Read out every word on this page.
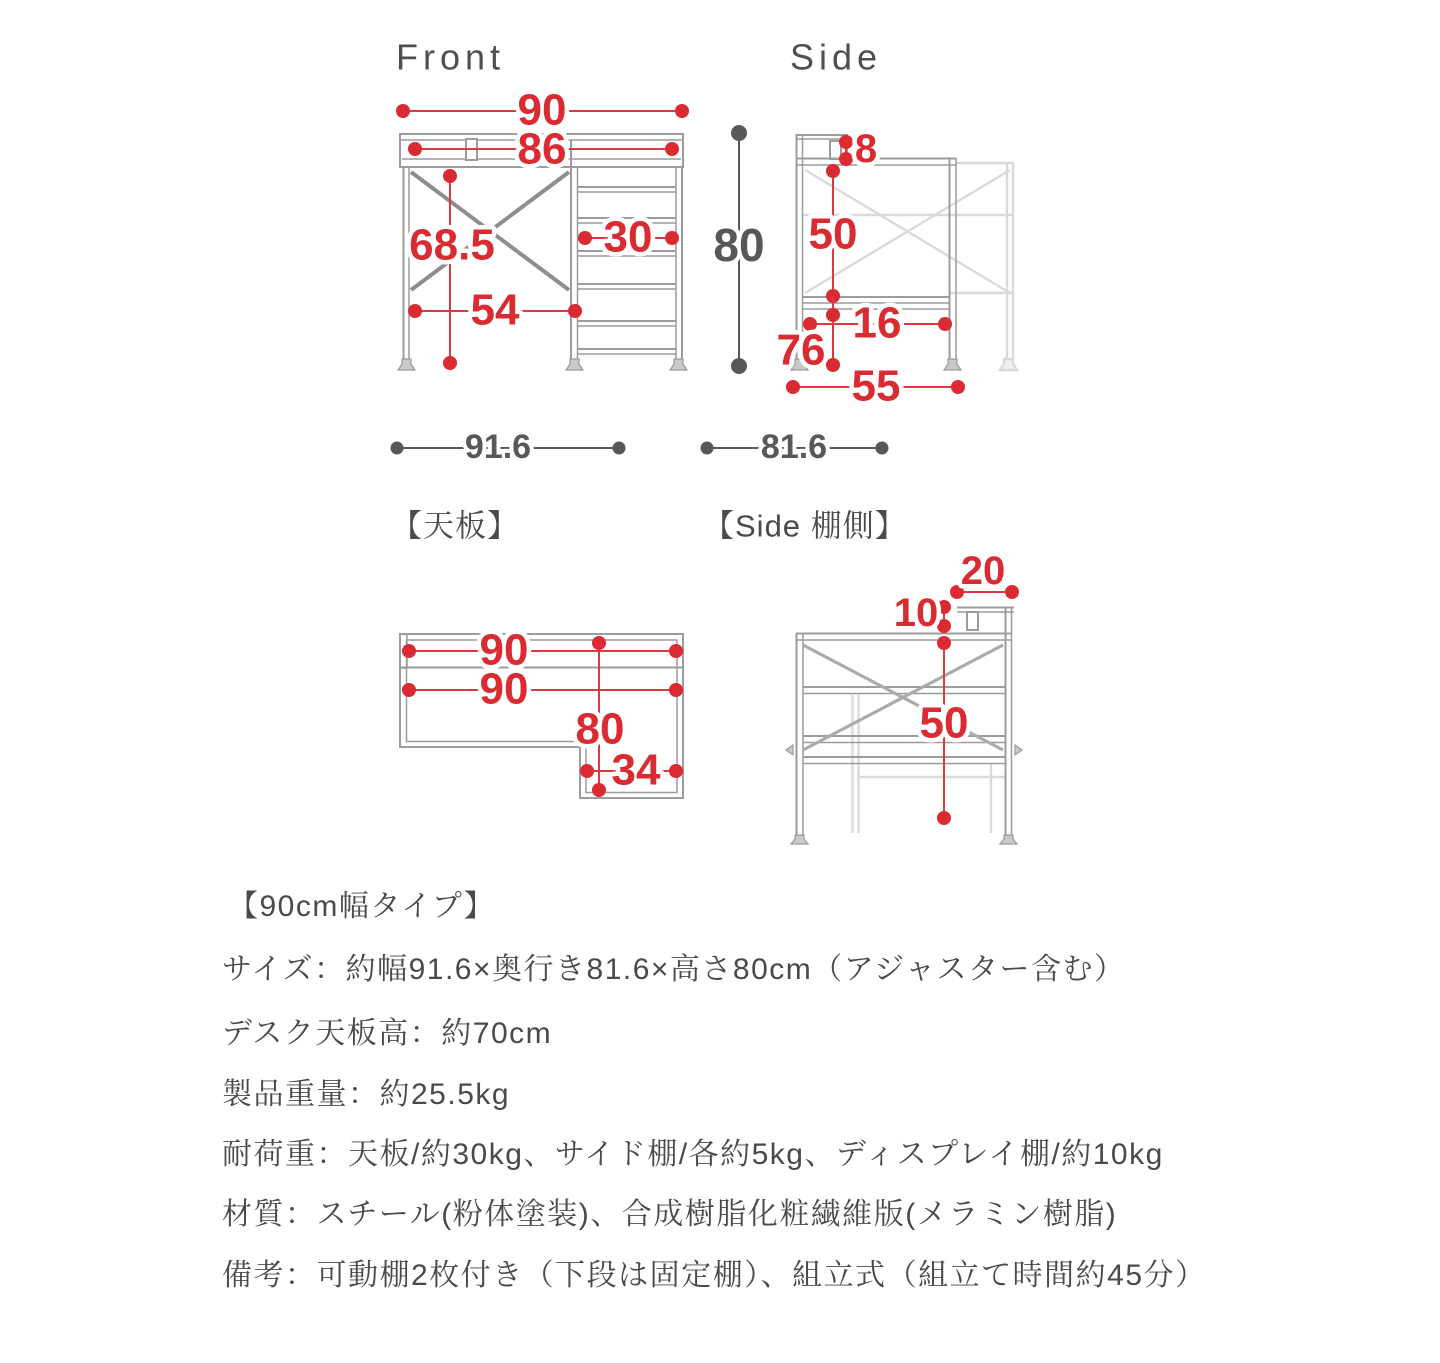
Front
90
86
68.5 30
54
80
91.6
Side
8
50
16
76
55
81.6
【天板】
90
90
80
34
【Side 棚側】
20
10
50
【90cm幅タイプ】
サイズ：約幅91.6×奥行き81.6×高さ80cm（アジャスター含む）
デスク天板高：約70cm
製品重量：約25.5kg
耐荷重：天板/約30kg、サイド棚/各約5kg、ディスプレイ棚/約10kg
材質：スチール(粉体塗装)、合成樹脂化粧繊維版(メラミン樹脂)
備考：可動棚2枚付き（下段は固定棚）、組立式（組立て時間約45分）
